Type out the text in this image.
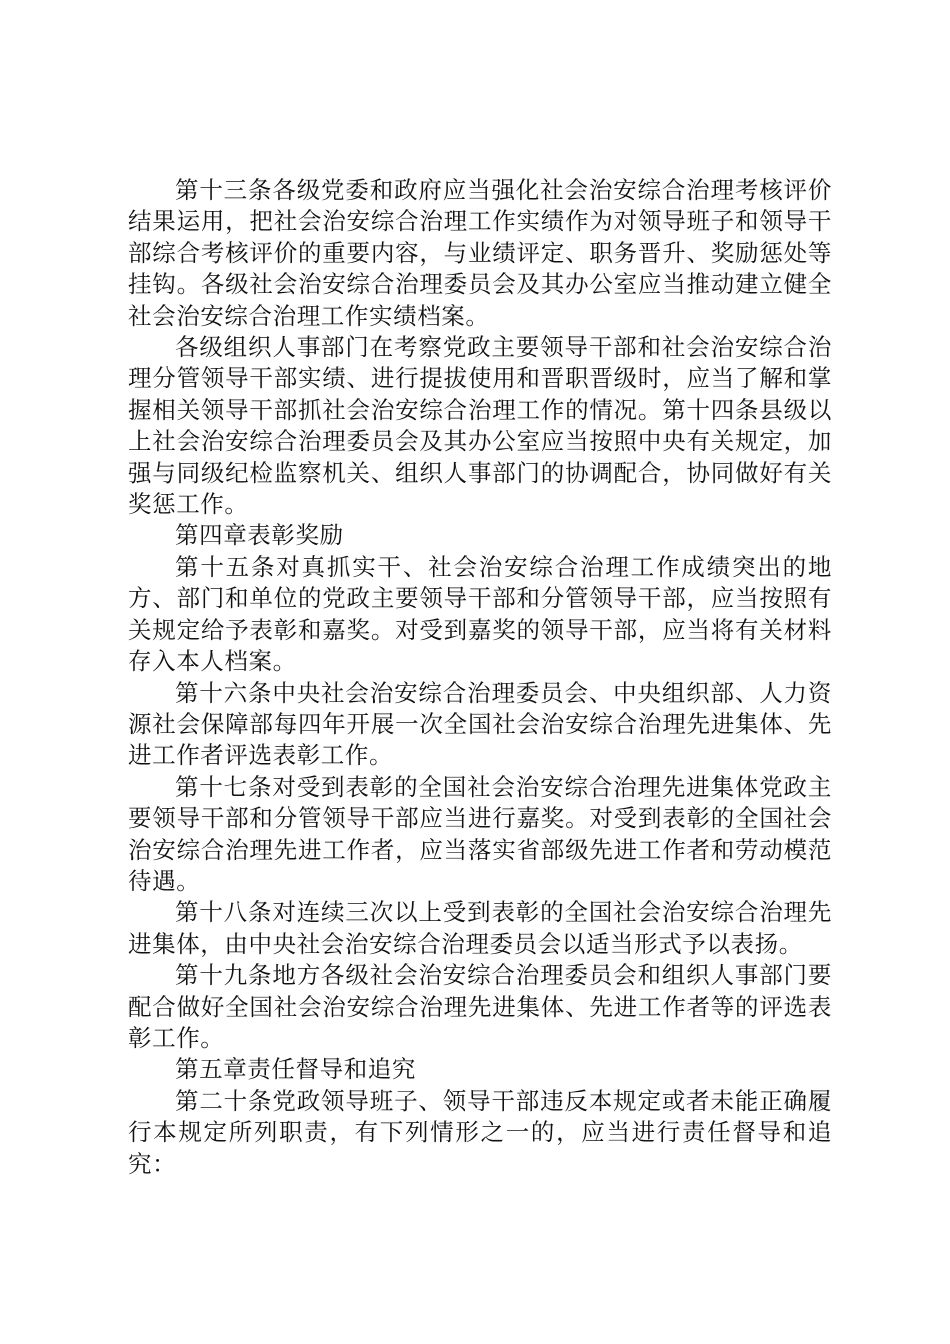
第十三条各级党委和政府应当强化社会治安综合治理考核评价结果运用，把社会治安综合治理工作实绩作为对领导班子和领导干部综合考核评价的重要内容，与业绩评定、职务晋升、奖励惩处等挂钩。各级社会治安综合治理委员会及其办公室应当推动建立健全社会治安综合治理工作实绩档案。

各级组织人事部门在考察党政主要领导干部和社会治安综合治理分管领导干部实绩、进行提拔使用和晋职晋级时，应当了解和掌握相关领导干部抓社会治安综合治理工作的情况。第十四条县级以上社会治安综合治理委员会及其办公室应当按照中央有关规定，加强与同级纪检监察机关、组织人事部门的协调配合，协同做好有关奖惩工作。

第四章表彰奖励

第十五条对真抓实干、社会治安综合治理工作成绩突出的地方、部门和单位的党政主要领导干部和分管领导干部，应当按照有关规定给予表彰和嘉奖。对受到嘉奖的领导干部，应当将有关材料存入本人档案。

第十六条中央社会治安综合治理委员会、中央组织部、人力资源社会保障部每四年开展一次全国社会治安综合治理先进集体、先进工作者评选表彰工作。

第十七条对受到表彰的全国社会治安综合治理先进集体党政主要领导干部和分管领导干部应当进行嘉奖。对受到表彰的全国社会治安综合治理先进工作者，应当落实省部级先进工作者和劳动模范待遇。

第十八条对连续三次以上受到表彰的全国社会治安综合治理先进集体，由中央社会治安综合治理委员会以适当形式予以表扬。

第十九条地方各级社会治安综合治理委员会和组织人事部门要配合做好全国社会治安综合治理先进集体、先进工作者等的评选表彰工作。

第五章责任督导和追究

第二十条党政领导班子、领导干部违反本规定或者未能正确履行本规定所列职责，有下列情形之一的，应当进行责任督导和追究：
